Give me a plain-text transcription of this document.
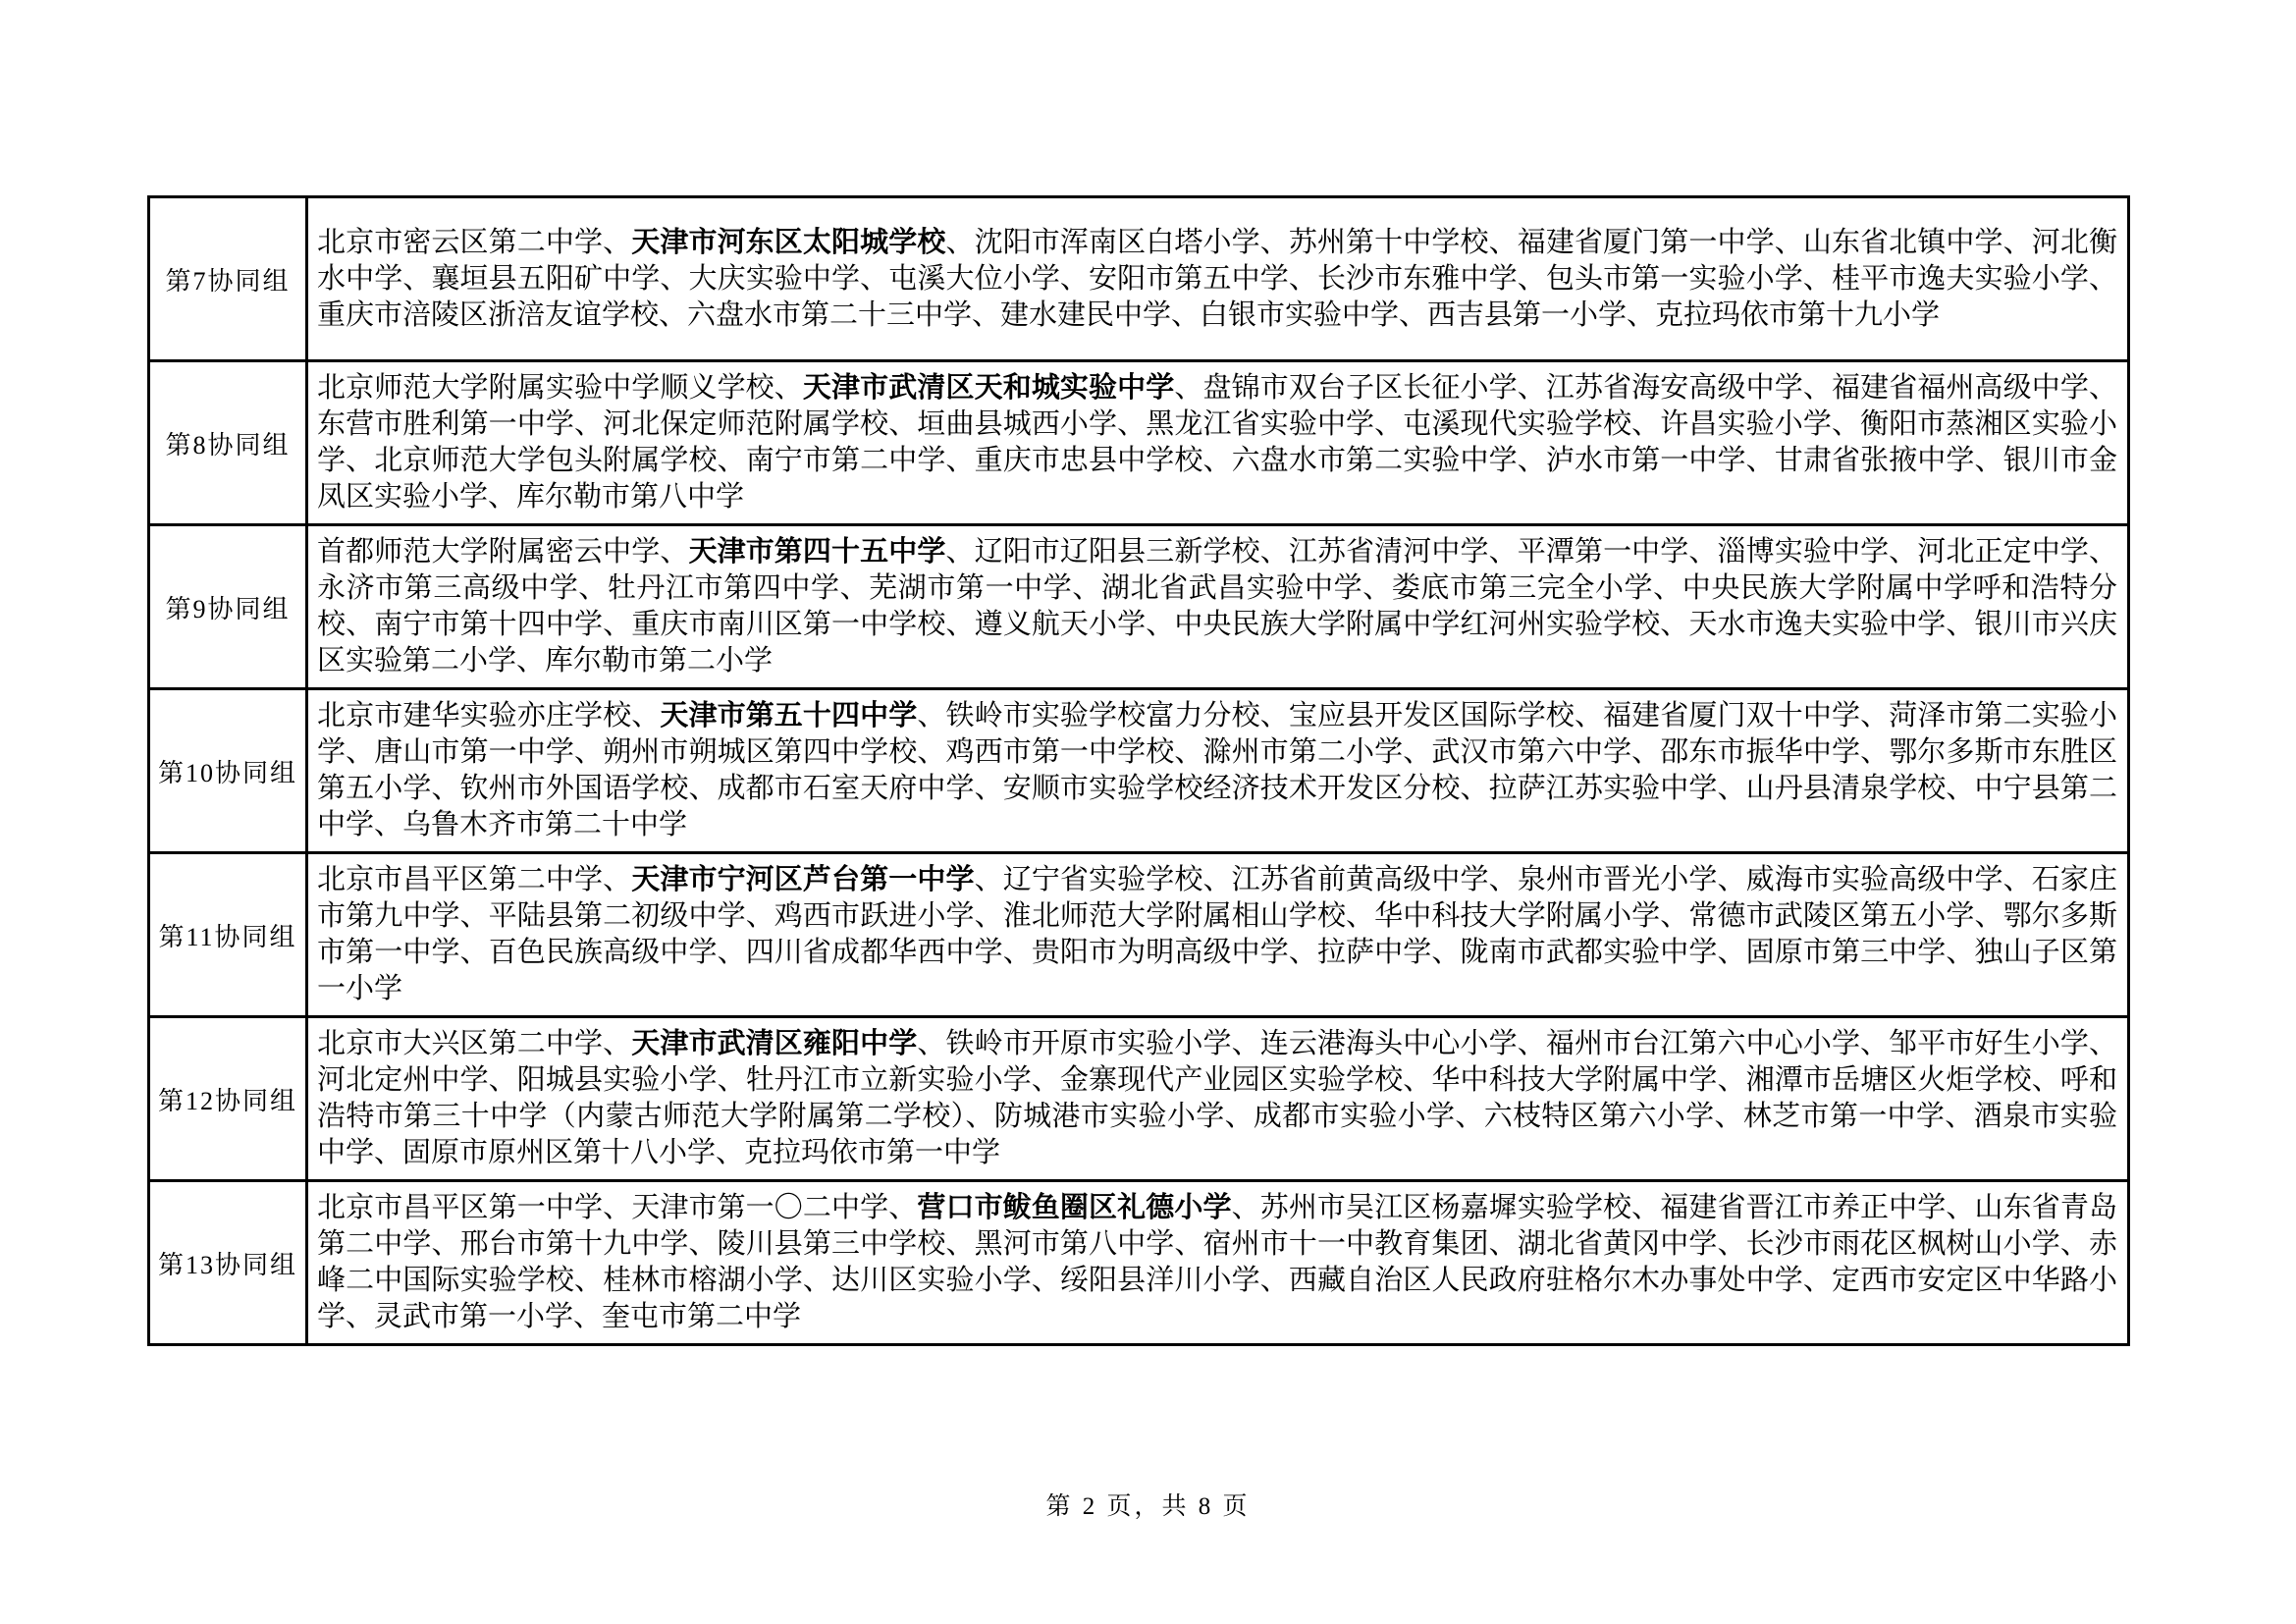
第7协同组	北京市密云区第二中学、天津市河东区太阳城学校、沈阳市浑南区白塔小学、苏州第十中学校、福建省厦门第一中学、山东省北镇中学、河北衡水中学、襄垣县五阳矿中学、大庆实验中学、屯溪大位小学、安阳市第五中学、长沙市东雅中学、包头市第一实验小学、桂平市逸夫实验小学、重庆市涪陵区浙涪友谊学校、六盘水市第二十三中学、建水建民中学、白银市实验中学、西吉县第一小学、克拉玛依市第十九小学
第8协同组	北京师范大学附属实验中学顺义学校、天津市武清区天和城实验中学、盘锦市双台子区长征小学、江苏省海安高级中学、福建省福州高级中学、东营市胜利第一中学、河北保定师范附属学校、垣曲县城西小学、黑龙江省实验中学、屯溪现代实验学校、许昌实验小学、衡阳市蒸湘区实验小学、北京师范大学包头附属学校、南宁市第二中学、重庆市忠县中学校、六盘水市第二实验中学、泸水市第一中学、甘肃省张掖中学、银川市金凤区实验小学、库尔勒市第八中学
第9协同组	首都师范大学附属密云中学、天津市第四十五中学、辽阳市辽阳县三新学校、江苏省清河中学、平潭第一中学、淄博实验中学、河北正定中学、永济市第三高级中学、牡丹江市第四中学、芜湖市第一中学、湖北省武昌实验中学、娄底市第三完全小学、中央民族大学附属中学呼和浩特分校、南宁市第十四中学、重庆市南川区第一中学校、遵义航天小学、中央民族大学附属中学红河州实验学校、天水市逸夫实验中学、银川市兴庆区实验第二小学、库尔勒市第二小学
第10协同组	北京市建华实验亦庄学校、天津市第五十四中学、铁岭市实验学校富力分校、宝应县开发区国际学校、福建省厦门双十中学、菏泽市第二实验小学、唐山市第一中学、朔州市朔城区第四中学校、鸡西市第一中学校、滁州市第二小学、武汉市第六中学、邵东市振华中学、鄂尔多斯市东胜区第五小学、钦州市外国语学校、成都市石室天府中学、安顺市实验学校经济技术开发区分校、拉萨江苏实验中学、山丹县清泉学校、中宁县第二中学、乌鲁木齐市第二十中学
第11协同组	北京市昌平区第二中学、天津市宁河区芦台第一中学、辽宁省实验学校、江苏省前黄高级中学、泉州市晋光小学、威海市实验高级中学、石家庄市第九中学、平陆县第二初级中学、鸡西市跃进小学、淮北师范大学附属相山学校、华中科技大学附属小学、常德市武陵区第五小学、鄂尔多斯市第一中学、百色民族高级中学、四川省成都华西中学、贵阳市为明高级中学、拉萨中学、陇南市武都实验中学、固原市第三中学、独山子区第一小学
第12协同组	北京市大兴区第二中学、天津市武清区雍阳中学、铁岭市开原市实验小学、连云港海头中心小学、福州市台江第六中心小学、邹平市好生小学、河北定州中学、阳城县实验小学、牡丹江市立新实验小学、金寨现代产业园区实验学校、华中科技大学附属中学、湘潭市岳塘区火炬学校、呼和浩特市第三十中学（内蒙古师范大学附属第二学校）、防城港市实验小学、成都市实验小学、六枝特区第六小学、林芝市第一中学、酒泉市实验中学、固原市原州区第十八小学、克拉玛依市第一中学
第13协同组	北京市昌平区第一中学、天津市第一〇二中学、营口市鲅鱼圈区礼德小学、苏州市吴江区杨嘉墀实验学校、福建省晋江市养正中学、山东省青岛第二中学、邢台市第十九中学、陵川县第三中学校、黑河市第八中学、宿州市十一中教育集团、湖北省黄冈中学、长沙市雨花区枫树山小学、赤峰二中国际实验学校、桂林市榕湖小学、达川区实验小学、绥阳县洋川小学、西藏自治区人民政府驻格尔木办事处中学、定西市安定区中华路小学、灵武市第一小学、奎屯市第二中学
第 2 页，共 8 页
